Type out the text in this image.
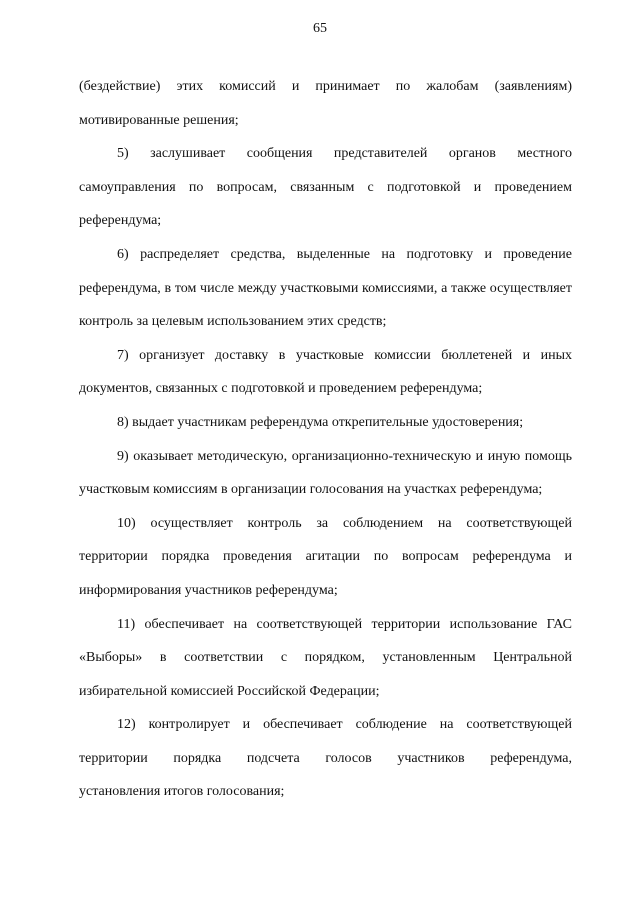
65

(бездействие) этих комиссий и принимает по жалобам (заявлениям) мотивированные решения;

5) заслушивает сообщения представителей органов местного самоуправления по вопросам, связанным с подготовкой и проведением референдума;

6) распределяет средства, выделенные на подготовку и проведение референдума, в том числе между участковыми комиссиями, а также осуществляет контроль за целевым использованием этих средств;

7) организует доставку в участковые комиссии бюллетеней и иных документов, связанных с подготовкой и проведением референдума;

8) выдает участникам референдума открепительные удостоверения;

9) оказывает методическую, организационно-техническую и иную помощь участковым комиссиям в организации голосования на участках референдума;

10) осуществляет контроль за соблюдением на соответствующей территории порядка проведения агитации по вопросам референдума и информирования участников референдума;

11) обеспечивает на соответствующей территории использование ГАС «Выборы» в соответствии с порядком, установленным Центральной избирательной комиссией Российской Федерации;

12) контролирует и обеспечивает соблюдение на соответствующей

территории порядка подсчета голосов участников референдума,

установления итогов голосования;
